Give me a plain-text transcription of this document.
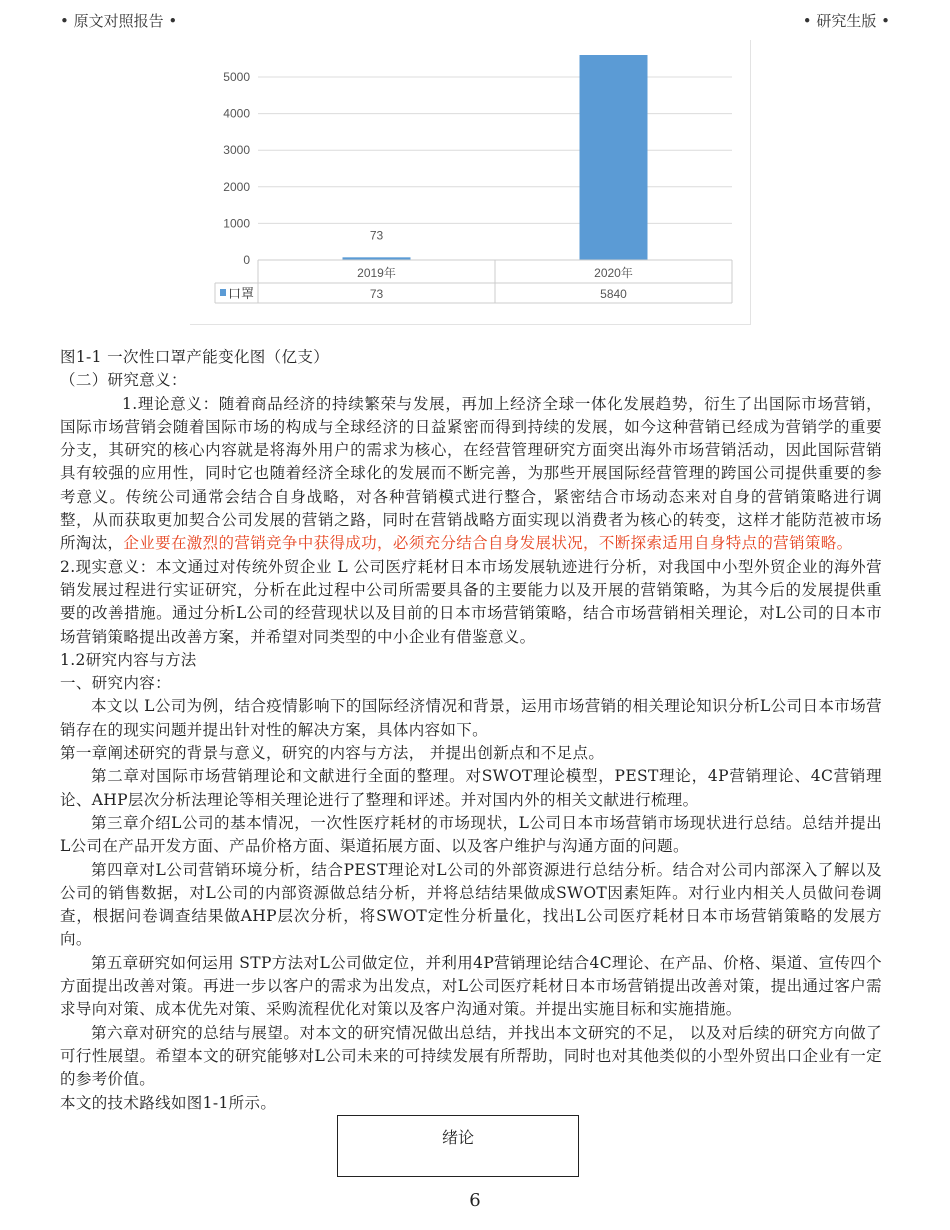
• 原文对照报告 •	• 研究生版 •
0
1000
2000
3000
4000
5000
73
2019年
73
2020年
5840
口罩

图1-1 一次性口罩产能变化图（亿支）

（二）研究意义：

1.理论意义：随着商品经济的持续繁荣与发展，再加上经济全球一体化发展趋势，衍生了出国际市场营销，国际市场营销会随着国际市场的构成与全球经济的日益紧密而得到持续的发展，如今这种营销已经成为营销学的重要分支，其研究的核心内容就是将海外用户的需求为核心，在经营管理研究方面突出海外市场营销活动，因此国际营销具有较强的应用性，同时它也随着经济全球化的发展而不断完善，为那些开展国际经营管理的跨国公司提供重要的参考意义。传统公司通常会结合自身战略，对各种营销模式进行整合，紧密结合市场动态来对自身的营销策略进行调整，从而获取更加契合公司发展的营销之路，同时在营销战略方面实现以消费者为核心的转变，这样才能防范被市场所淘汰，企业要在激烈的营销竞争中获得成功，必须充分结合自身发展状况，不断探索适用自身特点的营销策略。

2.现实意义：本文通过对传统外贸企业 L 公司医疗耗材日本市场发展轨迹进行分析，对我国中小型外贸企业的海外营销发展过程进行实证研究，分析在此过程中公司所需要具备的主要能力以及开展的营销策略，为其今后的发展提供重要的改善措施。通过分析L公司的经营现状以及目前的日本市场营销策略，结合市场营销相关理论，对L公司的日本市场营销策略提出改善方案，并希望对同类型的中小企业有借鉴意义。

1.2研究内容与方法

一、研究内容：

本文以 L公司为例，结合疫情影响下的国际经济情况和背景，运用市场营销的相关理论知识分析L公司日本市场营销存在的现实问题并提出针对性的解决方案，具体内容如下。

第一章阐述研究的背景与意义，研究的内容与方法， 并提出创新点和不足点。

第二章对国际市场营销理论和文献进行全面的整理。对SWOT理论模型，PEST理论，4P营销理论、4C营销理论、AHP层次分析法理论等相关理论进行了整理和评述。并对国内外的相关文献进行梳理。

第三章介绍L公司的基本情况，一次性医疗耗材的市场现状，L公司日本市场营销市场现状进行总结。总结并提出L公司在产品开发方面、产品价格方面、渠道拓展方面、以及客户维护与沟通方面的问题。

第四章对L公司营销环境分析，结合PEST理论对L公司的外部资源进行总结分析。结合对公司内部深入了解以及公司的销售数据，对L公司的内部资源做总结分析，并将总结结果做成SWOT因素矩阵。对行业内相关人员做问卷调查，根据问卷调查结果做AHP层次分析，将SWOT定性分析量化，找出L公司医疗耗材日本市场营销策略的发展方向。

第五章研究如何运用 STP方法对L公司做定位，并利用4P营销理论结合4C理论、在产品、价格、渠道、宣传四个方面提出改善对策。再进一步以客户的需求为出发点，对L公司医疗耗材日本市场营销提出改善对策，提出通过客户需求导向对策、成本优先对策、采购流程优化对策以及客户沟通对策。并提出实施目标和实施措施。

第六章对研究的总结与展望。对本文的研究情况做出总结，并找出本文研究的不足， 以及对后续的研究方向做了可行性展望。希望本文的研究能够对L公司未来的可持续发展有所帮助，同时也对其他类似的小型外贸出口企业有一定的参考价值。

本文的技术路线如图1-1所示。

绪论
6
